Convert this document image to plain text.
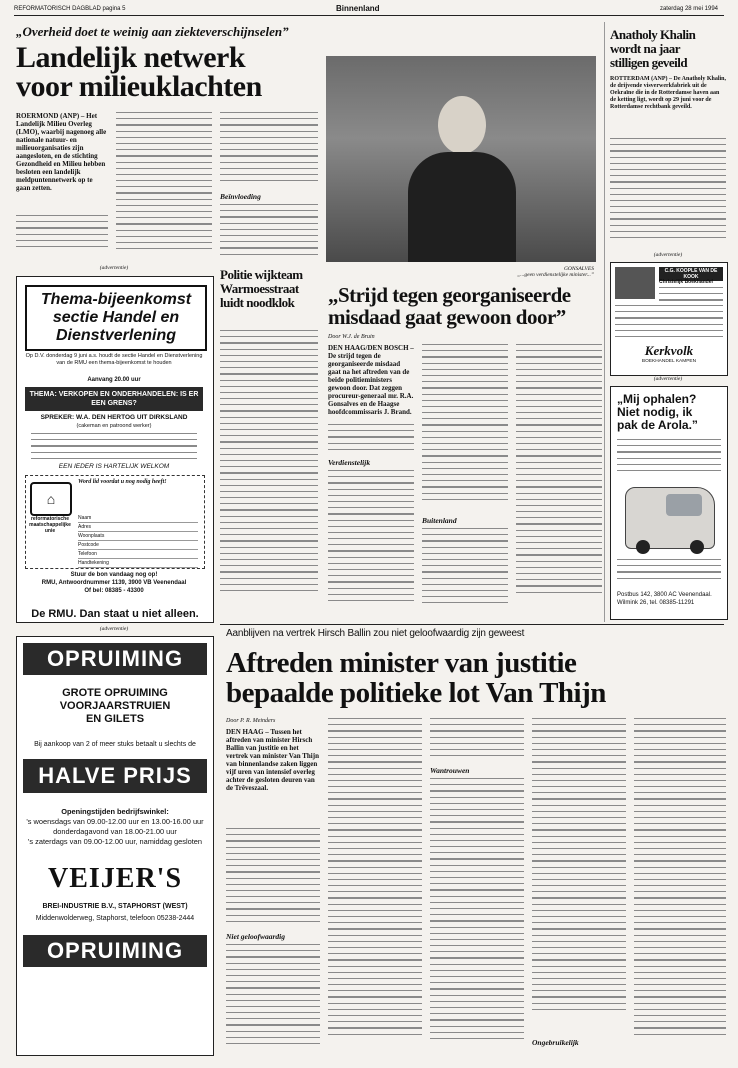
REFORMATORISCH DAGBLAD pagina 5	Binnenland	zaterdag 28 mei 1994
„Overheid doet te weinig aan ziekteverschijnselen”
Landelijk netwerk
voor milieuklachten
ROERMOND (ANP) – Het Landelijk Milieu Overleg (LMO), waarbij nagenoeg alle nationale natuur- en milieuorganisaties zijn aangesloten, en de stichting Gezondheid en Milieu hebben besloten een landelijk meldpuntennetwerk op te gaan zetten.
Beïnvloeding
(advertentie)
Thema-bijeenkomst
sectie Handel en
Dienstverlening
Op D.V. donderdag 9 juni a.s. houdt de sectie Handel en Dienstverlening van de RMU een thema-bijeenkomst te houden
Aanvang 20.00 uur
THEMA: VERKOPEN EN ONDERHANDELEN: IS ER EEN GRENS?
SPREKER: W.A. DEN HERTOG UIT DIRKSLAND
(cakeman en patroond werker)
EEN IEDER IS HARTELIJK WELKOM
⌂
reformatorische maatschappelijke unie
Word lid voordat u nog nodig heeft!
Naam
Adres
Woonplaats
Postcode
Telefoon
Handtekening
Stuur de bon vandaag nog op!
RMU, Antwoordnummer 1139, 3900 VB Veenendaal
Of bel: 08385 - 43300
De RMU. Dan staat u niet alleen.
Politie wijkteam Warmoesstraat luidt noodklok
GONSALVES
„...geen verdienstelijke minister...”
„Strijd tegen georganiseerde
misdaad gaat gewoon door”
Door W.J. de Bruin
DEN HAAG/DEN BOSCH – De strijd tegen de georganiseerde misdaad gaat na het aftreden van de beide politieministers gewoon door. Dat zeggen procureur-generaal mr. R.A. Gonsalves en de Haagse hoofdcommissaris J. Brand.
Verdienstelijk
Buitenland
Anatholy Khalin
wordt na jaar
stilligen geveild
ROTTERDAM (ANP) – De Anatholy Khalin, de drijvende visverwerkfabriek uit de Oekraïne die in de Rotterdamse haven aan de ketting ligt, wordt op 29 juni voor de Rotterdamse rechtbank geveild.
(advertentie)
C.G. KOOPLE VAN DE KOOK
Christelijk Boekhandel
Kerkvolk
BOEKHANDEL KAMPEN
(advertentie)
„Mij ophalen?
Niet nodig, ik
pak de Arola.”
Postbus 142, 3800 AC Veenendaal.
Wilmink 26, tel. 08385-11291
Aanblijven na vertrek Hirsch Ballin zou niet geloofwaardig zijn geweest
Aftreden minister van justitie
bepaalde politieke lot Van Thijn
Door P. R. Meinders
DEN HAAG – Tussen het aftreden van minister Hirsch Ballin van justitie en het vertrek van minister Van Thijn van binnenlandse zaken liggen vijf uren van intensief overleg achter de gesloten deuren van de Trêveszaal.
Niet geloofwaardig
Wantrouwen
Ongebruikelijk
(advertentie)
OPRUIMING
GROTE OPRUIMING
VOORJAARSTRUIEN
EN GILETS
Bij aankoop van 2 of meer stuks betaalt u slechts de
HALVE PRIJS
Openingstijden bedrijfswinkel:
's woensdags van 09.00-12.00 uur en 13.00-16.00 uur
donderdagavond van 18.00-21.00 uur
's zaterdags van 09.00-12.00 uur, namiddag gesloten
VEIJER'S
BREI-INDUSTRIE B.V., STAPHORST (WEST)
Middenwolderweg, Staphorst, telefoon 05238-2444
OPRUIMING
